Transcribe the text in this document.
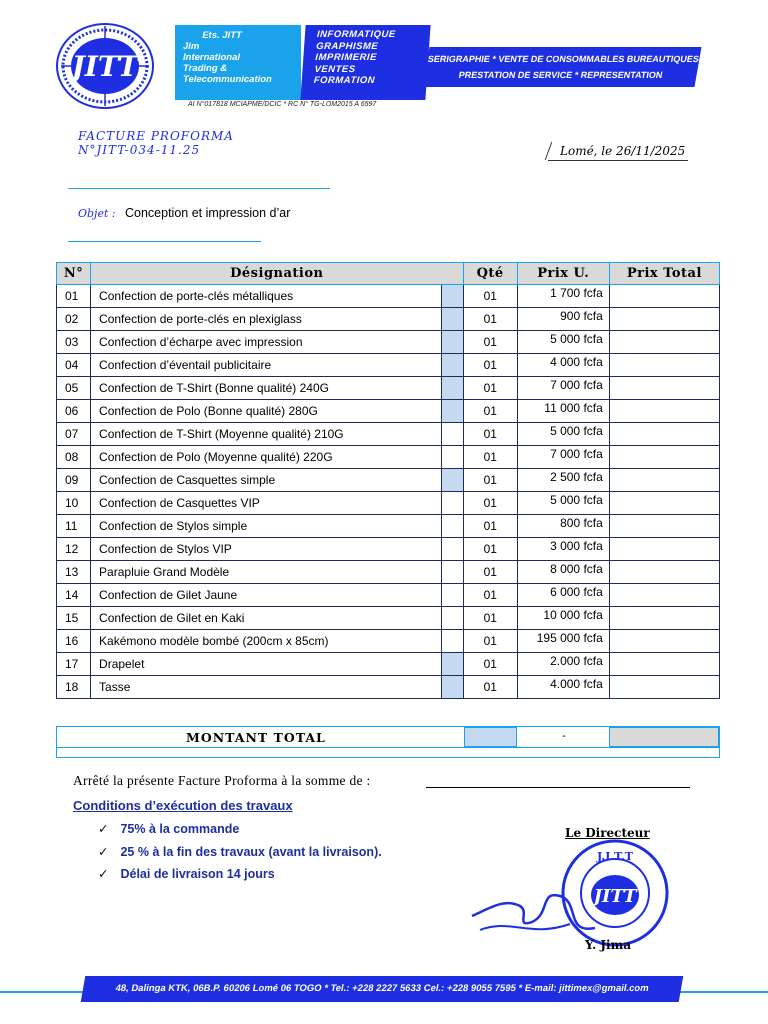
JITT
Ets. JITT
Jim
International
Trading &
Telecommunication
INFORMATIQUE
GRAPHISME
IMPRIMERIE
VENTES
FORMATION
SERIGRAPHIE * VENTE DE CONSOMMABLES BUREAUTIQUES
PRESTATION DE SERVICE * REPRESENTATION
AI N°017818 MCIAPME/DCIC * RC N° TG-LOM2015 A 6597
FACTURE PROFORMA
N°JITT-034-11.25	Lomé, le 26/11/2025
Objet : Conception et impression d’ar
N°	Désignation		Qté	Prix U.	Prix Total
01	Confection de porte-clés métalliques		01	1 700 fcfa	
02	Confection de porte-clés en plexiglass		01	900 fcfa	
03	Confection d’écharpe avec impression		01	5 000 fcfa	
04	Confection d’éventail publicitaire		01	4 000 fcfa	
05	Confection de T-Shirt (Bonne qualité) 240G		01	7 000 fcfa	
06	Confection de Polo (Bonne qualité) 280G		01	11 000 fcfa	
07	Confection de T-Shirt (Moyenne qualité) 210G		01	5 000 fcfa	
08	Confection de Polo (Moyenne qualité) 220G		01	7 000 fcfa	
09	Confection de Casquettes simple		01	2 500 fcfa	
10	Confection de Casquettes VIP		01	5 000 fcfa	
11	Confection de Stylos simple		01	800 fcfa	
12	Confection de Stylos VIP		01	3 000 fcfa	
13	Parapluie Grand Modèle		01	8 000 fcfa	
14	Confection de Gilet Jaune		01	6 000 fcfa	
15	Confection de Gilet en Kaki		01	10 000 fcfa	
16	Kakémono modèle bombé (200cm x 85cm)		01	195 000 fcfa	
17	Drapelet		01	2.000 fcfa	
18	Tasse		01	4.000 fcfa	
MONTANT TOTAL	-
Arrêté la présente Facture Proforma à la somme de :
Conditions d’exécution des travaux
✓ 75% à la commande
✓ 25 % à la fin des travaux (avant la livraison).
✓ Délai de livraison 14 jours
Le Directeur
J.I.T.T
JITT
Y. Jima
48, Dalinga KTK, 06B.P. 60206 Lomé 06 TOGO * Tel.: +228 2227 5633 Cel.: +228 9055 7595 * E-mail: jittimex@gmail.com
